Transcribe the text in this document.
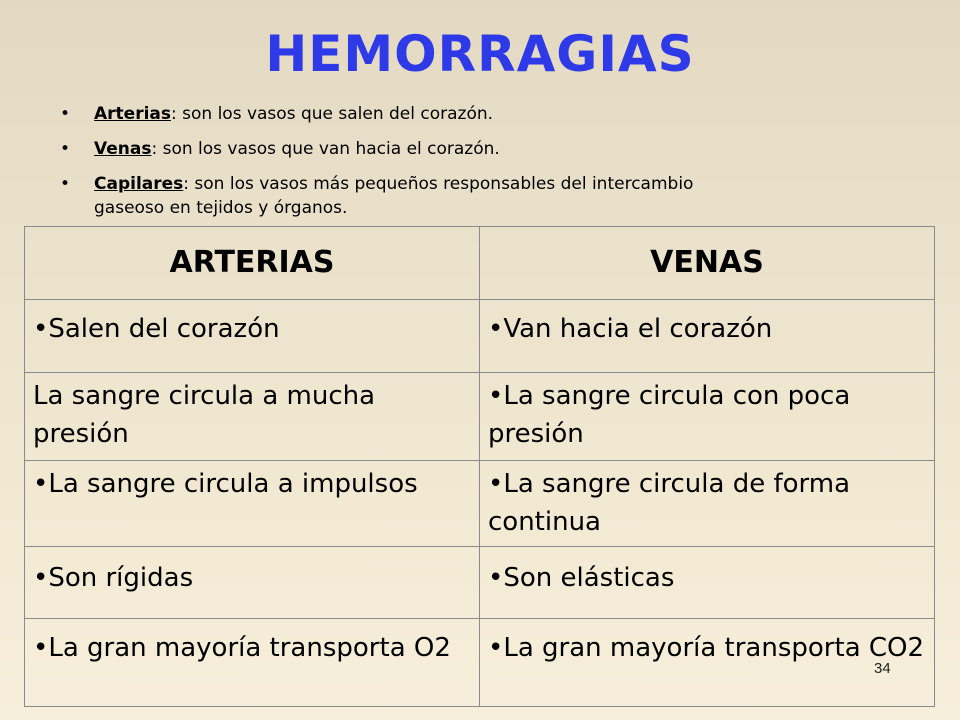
HEMORRAGIAS
• Arterias: son los vasos que salen del corazón.
• Venas: son los vasos que van hacia el corazón.
• Capilares: son los vasos más pequeños responsables del intercambio
gaseoso en tejidos y órganos.
ARTERIAS	VENAS
•Salen del corazón	•Van hacia el corazón
La sangre circula a mucha presión	•La sangre circula con poca presión
•La sangre circula a impulsos	•La sangre circula de forma continua
•Son rígidas	•Son elásticas
•La gran mayoría transporta O2	•La gran mayoría transporta CO2
34
